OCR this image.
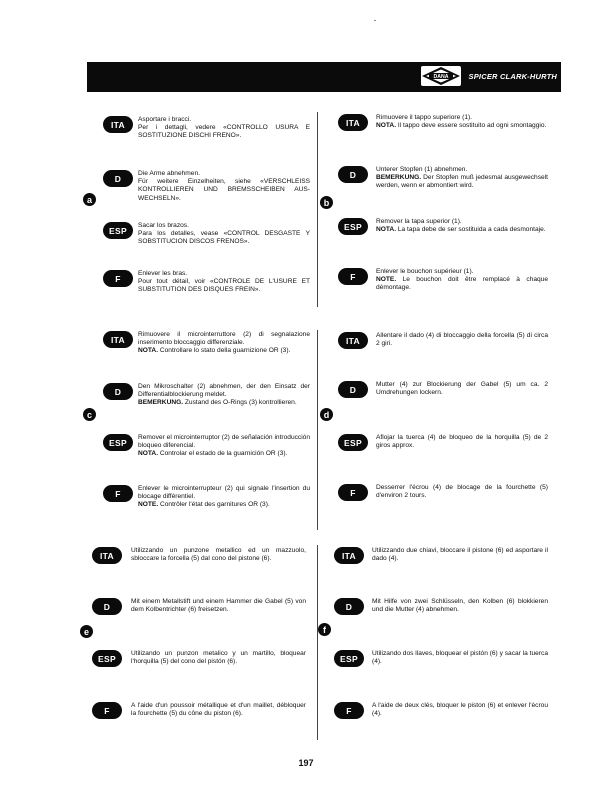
DANA	SPICER CLARK-HURTH
ITA	Asportare i bracci.

Per i dettagli, vedere «CONTROLLO USURA E SOSTITUZIONE DISCHI FRENO».

D	Die Arme abnehmen.

Für weitere Einzelheiten, siehe «VERSCHLEISS KONTROLLIEREN UND BREMSSCHEIBEN AUS-WECHSELN».

a
ESP	Sacar los brazos.

Para los detalles, vease «CONTROL DESGASTE Y SOBSTITUCION DISCOS FRENOS».

F	Enlever les bras.

Pour tout détail, voir «CONTROLE DE L'USURE ET SUBSTITUTION DES DISQUES FREIN».

ITA	Rimuovere il tappo superiore (1).

NOTA. Il tappo deve essere sostituito ad ogni smontaggio.

D	Unterer Stopfen (1) abnehmen.

BEMERKUNG. Der Stopfen muß jedesmal ausgewechselt werden, wenn er abmontiert wird.

b
ESP	Remover la tapa superior (1).

NOTA. La tapa debe de ser sostituida a cada desmontaje.

F	Enlever le bouchon supérieur (1).

NOTE. Le bouchon doit être remplacé à chaque démontage.

ITA	Rimuovere il microinterruttore (2) di segnalazione inserimento bloccaggio differenziale.

NOTA. Controllare lo stato della guarnizione OR (3).

D	Den Mikroschalter (2) abnehmen, der den Einsatz der Differentialblockierung meldet.

BEMERKUNG. Zustand des O-Rings (3) kontrollieren.

c
ESP	Remover el microinterruptor (2) de señalación introducción bloqueo diferencial.

NOTA. Controlar el estado de la guarnición OR (3).

F	Enlever le microinterrupteur (2) qui signale l'insertion du blocage différentiel.

NOTE. Contrôler l'état des garnitures OR (3).

ITA	Allentare il dado (4) di bloccaggio della forcella (5) di circa 2 giri.

D	Mutter (4) zur Blockierung der Gabel (5) um ca. 2 Umdrehungen lockern.

d
ESP	Aflojar la tuerca (4) de bloqueo de la horquilla (5) de 2 giros approx.

F	Desserrer l'écrou (4) de blocage de la fourchette (5) d'environ 2 tours.

ITA	Utilizzando un punzone metallico ed un mazzuolo, sbloccare la forcella (5) dal cono del pistone (6).

D	Mit einem Metallstift und einem Hammer die Gabel (5) von dem Kolbentrichter (6) freisetzen.

e
ESP	Utilizando un punzon metalico y un martillo, bloquear l'horquilla (5) del cono del pistón (6).

F	A l'aide d'un poussoir métallique et d'un maillet, débloquer la fourchette (5) du cône du piston (6).

ITA	Utilizzando due chiavi, bloccare il pistone (6) ed asportare il dado (4).

D	Mit Hilfe von zwei Schlüsseln, den Kolben (6) blokkieren und die Mutter (4) abnehmen.

f
ESP	Utilizando dos llaves, bloquear el pistón (6) y sacar la tuerca (4).

F	A l'aide de deux clés, bloquer le piston (6) et enlever l'écrou (4).

197
